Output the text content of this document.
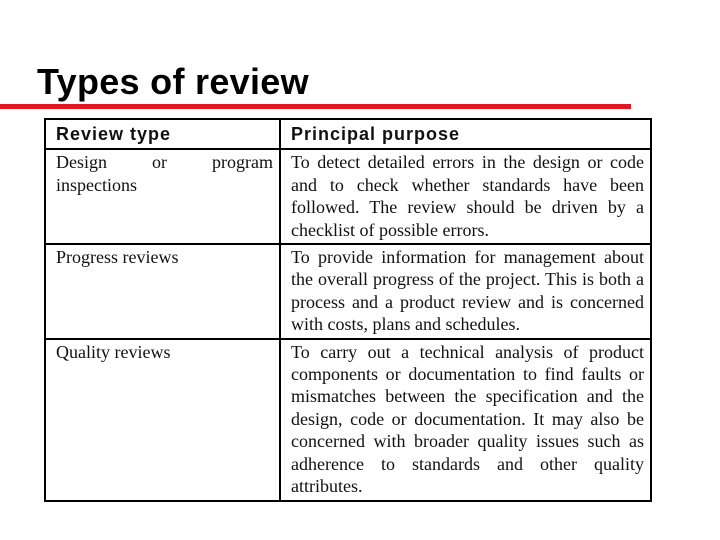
Types of review
Review type	Principal purpose
Design or program inspections	To detect detailed errors in the design or code and to check whether standards have been followed. The review should be driven by a checklist of possible errors.
Progress reviews	To provide information for management about the overall progress of the project. This is both a process and a product review and is concerned with costs, plans and schedules.
Quality reviews	To carry out a technical analysis of product components or documentation to find faults or mismatches between the specification and the design, code or documentation. It may also be concerned with broader quality issues such as adherence to standards and other quality attributes.
